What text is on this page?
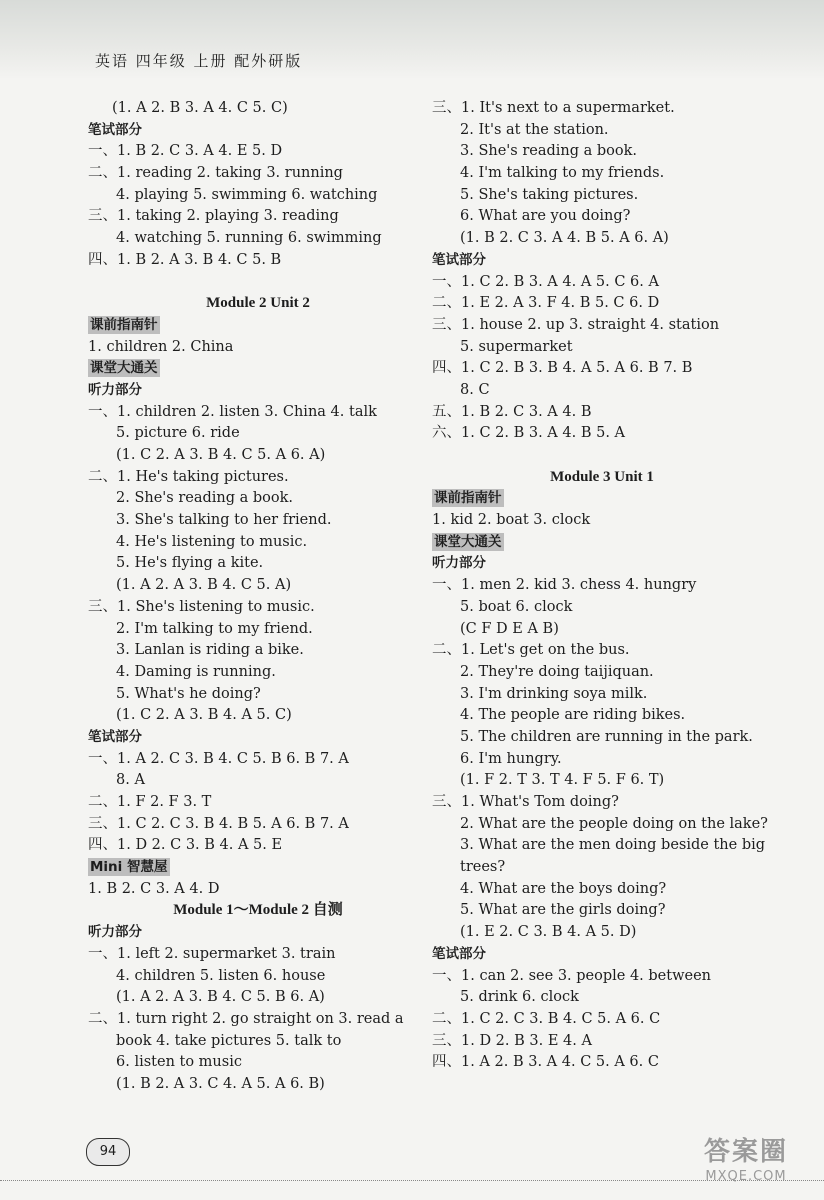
英语 四年级 上册 配外研版
(1. A 2. B 3. A 4. C 5. C)
笔试部分
一、1. B 2. C 3. A 4. E 5. D
二、1. reading 2. taking 3. running
4. playing 5. swimming 6. watching
三、1. taking 2. playing 3. reading
4. watching 5. running 6. swimming
四、1. B 2. A 3. B 4. C 5. B
Module 2 Unit 2
课前指南针
1. children 2. China
课堂大通关
听力部分
一、1. children 2. listen 3. China 4. talk
5. picture 6. ride
(1. C 2. A 3. B 4. C 5. A 6. A)
二、1. He's taking pictures.
2. She's reading a book.
3. She's talking to her friend.
4. He's listening to music.
5. He's flying a kite.
(1. A 2. A 3. B 4. C 5. A)
三、1. She's listening to music.
2. I'm talking to my friend.
3. Lanlan is riding a bike.
4. Daming is running.
5. What's he doing?
(1. C 2. A 3. B 4. A 5. C)
笔试部分
一、1. A 2. C 3. B 4. C 5. B 6. B 7. A
8. A
二、1. F 2. F 3. T
三、1. C 2. C 3. B 4. B 5. A 6. B 7. A
四、1. D 2. C 3. B 4. A 5. E
Mini 智慧屋
1. B 2. C 3. A 4. D
Module 1～Module 2 自测
听力部分
一、1. left 2. supermarket 3. train
4. children 5. listen 6. house
(1. A 2. A 3. B 4. C 5. B 6. A)
二、1. turn right 2. go straight on 3. read a
book 4. take pictures 5. talk to
6. listen to music
(1. B 2. A 3. C 4. A 5. A 6. B)
三、1. It's next to a supermarket.
2. It's at the station.
3. She's reading a book.
4. I'm talking to my friends.
5. She's taking pictures.
6. What are you doing?
(1. B 2. C 3. A 4. B 5. A 6. A)
笔试部分
一、1. C 2. B 3. A 4. A 5. C 6. A
二、1. E 2. A 3. F 4. B 5. C 6. D
三、1. house 2. up 3. straight 4. station
5. supermarket
四、1. C 2. B 3. B 4. A 5. A 6. B 7. B
8. C
五、1. B 2. C 3. A 4. B
六、1. C 2. B 3. A 4. B 5. A
Module 3 Unit 1
课前指南针
1. kid 2. boat 3. clock
课堂大通关
听力部分
一、1. men 2. kid 3. chess 4. hungry
5. boat 6. clock
(C F D E A B)
二、1. Let's get on the bus.
2. They're doing taijiquan.
3. I'm drinking soya milk.
4. The people are riding bikes.
5. The children are running in the park.
6. I'm hungry.
(1. F 2. T 3. T 4. F 5. F 6. T)
三、1. What's Tom doing?
2. What are the people doing on the lake?
3. What are the men doing beside the big
trees?
4. What are the boys doing?
5. What are the girls doing?
(1. E 2. C 3. B 4. A 5. D)
笔试部分
一、1. can 2. see 3. people 4. between
5. drink 6. clock
二、1. C 2. C 3. B 4. C 5. A 6. C
三、1. D 2. B 3. E 4. A
四、1. A 2. B 3. A 4. C 5. A 6. C
94	答案圈
MXQE.COM
